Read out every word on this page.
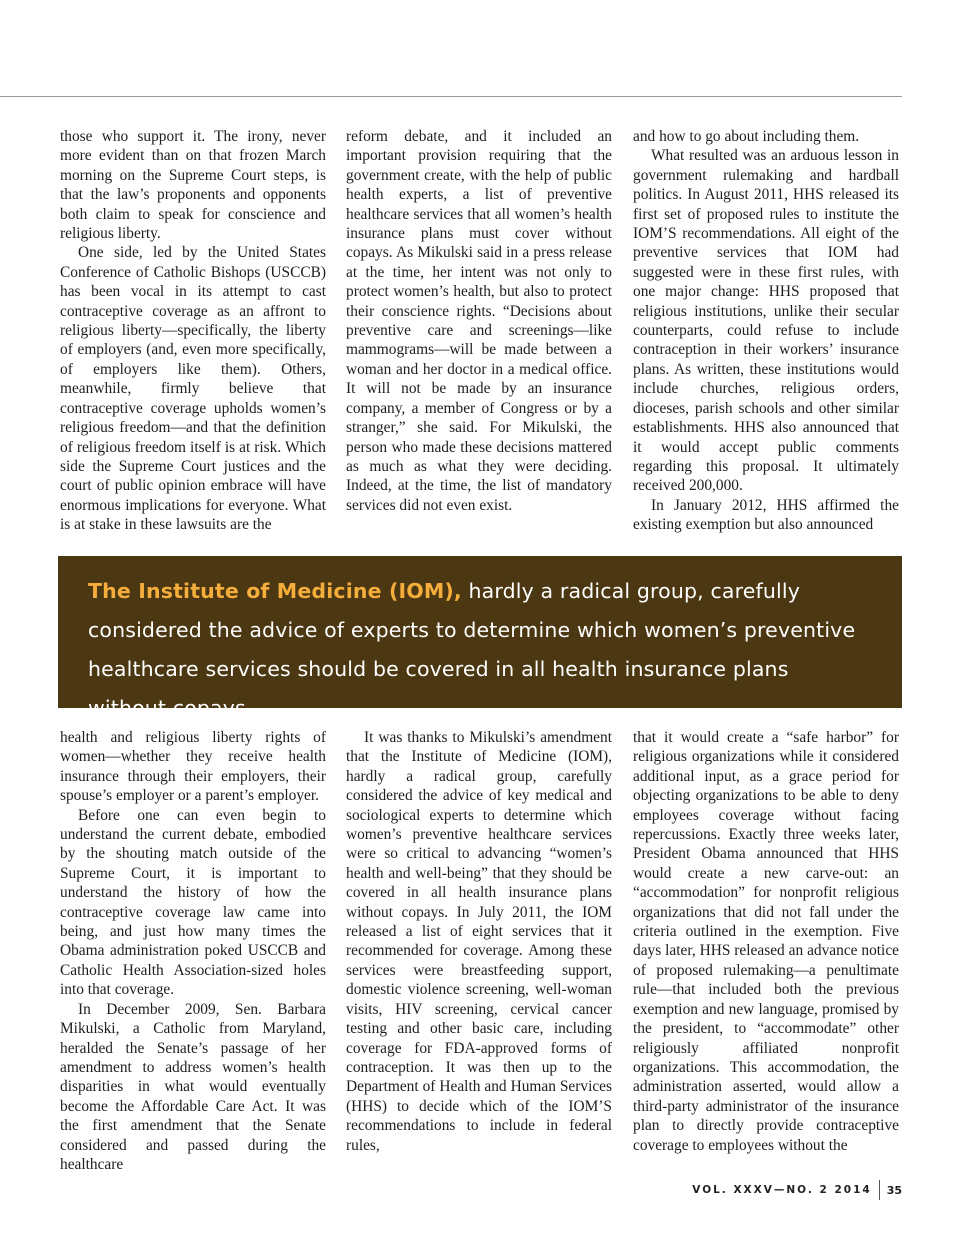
those who support it. The irony, never more evident than on that frozen March morning on the Supreme Court steps, is that the law’s proponents and opponents both claim to speak for conscience and religious liberty.

One side, led by the United States Conference of Catholic Bishops (USCCB) has been vocal in its attempt to cast contraceptive coverage as an affront to religious liberty—specifically, the liberty of employers (and, even more specifically, of employers like them). Others, meanwhile, firmly believe that contraceptive coverage upholds women’s religious freedom—and that the definition of religious freedom itself is at risk. Which side the Supreme Court justices and the court of public opinion embrace will have enormous implications for everyone. What is at stake in these lawsuits are the

reform debate, and it included an important provision requiring that the government create, with the help of public health experts, a list of preventive healthcare services that all women’s health insurance plans must cover without copays. As Mikulski said in a press release at the time, her intent was not only to protect women’s health, but also to protect their conscience rights. “Decisions about preventive care and screenings—like mammograms—will be made between a woman and her doctor in a medical office. It will not be made by an insurance company, a member of Congress or by a stranger,” she said. For Mikulski, the person who made these decisions mattered as much as what they were deciding. Indeed, at the time, the list of mandatory services did not even exist.

and how to go about including them.

What resulted was an arduous lesson in government rulemaking and hardball politics. In August 2011, HHS released its first set of proposed rules to institute the IOM’S recommendations. All eight of the preventive services that IOM had suggested were in these first rules, with one major change: HHS proposed that religious institutions, unlike their secular counterparts, could refuse to include contraception in their workers’ insurance plans. As written, these institutions would include churches, religious orders, dioceses, parish schools and other similar establishments. HHS also announced that it would accept public comments regarding this proposal. It ultimately received 200,000.

In January 2012, HHS affirmed the existing exemption but also announced

The Institute of Medicine (IOM), hardly a radical group, carefully considered the advice of experts to determine which women’s preventive healthcare services should be covered in all health insurance plans without copays.

health and religious liberty rights of women—whether they receive health insurance through their employers, their spouse’s employer or a parent’s employer.

Before one can even begin to understand the current debate, embodied by the shouting match outside of the Supreme Court, it is important to understand the history of how the contraceptive coverage law came into being, and just how many times the Obama administration poked USCCB and Catholic Health Association-sized holes into that coverage.

In December 2009, Sen. Barbara Mikulski, a Catholic from Maryland, heralded the Senate’s passage of her amendment to address women’s health disparities in what would eventually become the Affordable Care Act. It was the first amendment that the Senate considered and passed during the healthcare

It was thanks to Mikulski’s amendment that the Institute of Medicine (IOM), hardly a radical group, carefully considered the advice of key medical and sociological experts to determine which women’s preventive healthcare services were so critical to advancing “women’s health and well-being” that they should be covered in all health insurance plans without copays. In July 2011, the IOM released a list of eight services that it recommended for coverage. Among these services were breastfeeding support, domestic violence screening, well-woman visits, HIV screening, cervical cancer testing and other basic care, including coverage for FDA-approved forms of contraception. It was then up to the Department of Health and Human Services (HHS) to decide which of the IOM’S recommendations to include in federal rules,

that it would create a “safe harbor” for religious organizations while it considered additional input, as a grace period for objecting organizations to be able to deny employees coverage without facing repercussions. Exactly three weeks later, President Obama announced that HHS would create a new carve-out: an “accommodation” for nonprofit religious organizations that did not fall under the criteria outlined in the exemption. Five days later, HHS released an advance notice of proposed rulemaking—a penultimate rule—that included both the previous exemption and new language, promised by the president, to “accommodate” other religiously affiliated nonprofit organizations. This accommodation, the administration asserted, would allow a third-party administrator of the insurance plan to directly provide contraceptive coverage to employees without the

VOL. XXXV—NO. 2 2014	35
